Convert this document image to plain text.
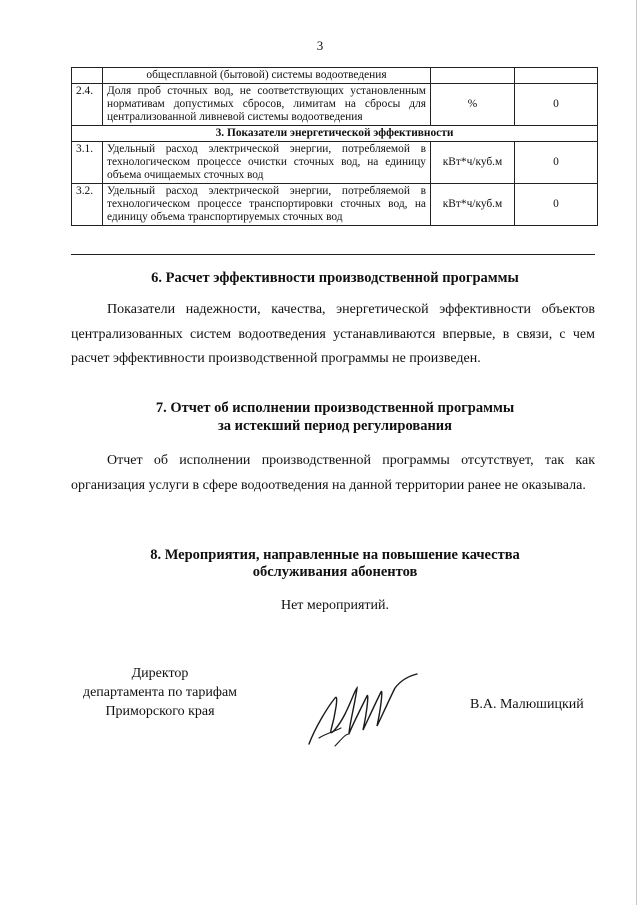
3
	общесплавной (бытовой) системы водоотведения		
2.4.	Доля проб сточных вод, не соответствующих установленным нормативам допустимых сбросов, лимитам на сбросы для централизованной ливневой системы водоотведения	%	0
3. Показатели энергетической эффективности			
3.1.	Удельный расход электрической энергии, потребляемой в технологическом процессе очистки сточных вод, на единицу объема очищаемых сточных вод	кВт*ч/куб.м	0
3.2.	Удельный расход электрической энергии, потребляемой в технологическом процессе транспортировки сточных вод, на единицу объема транспортируемых сточных вод	кВт*ч/куб.м	0
6. Расчет эффективности производственной программы

Показатели надежности, качества, энергетической эффективности объектов централизованных систем водоотведения устанавливаются впервые, в связи, с чем расчет эффективности производственной программы не произведен.

7. Отчет об исполнении производственной программы
за истекший период регулирования

Отчет об исполнении производственной программы отсутствует, так как организация услуги в сфере водоотведения на данной территории ранее не оказывала.

8. Мероприятия, направленные на повышение качества
обслуживания абонентов
Нет мероприятий.
Директор
департамента по тарифам
Приморского края	В.А. Малюшицкий
